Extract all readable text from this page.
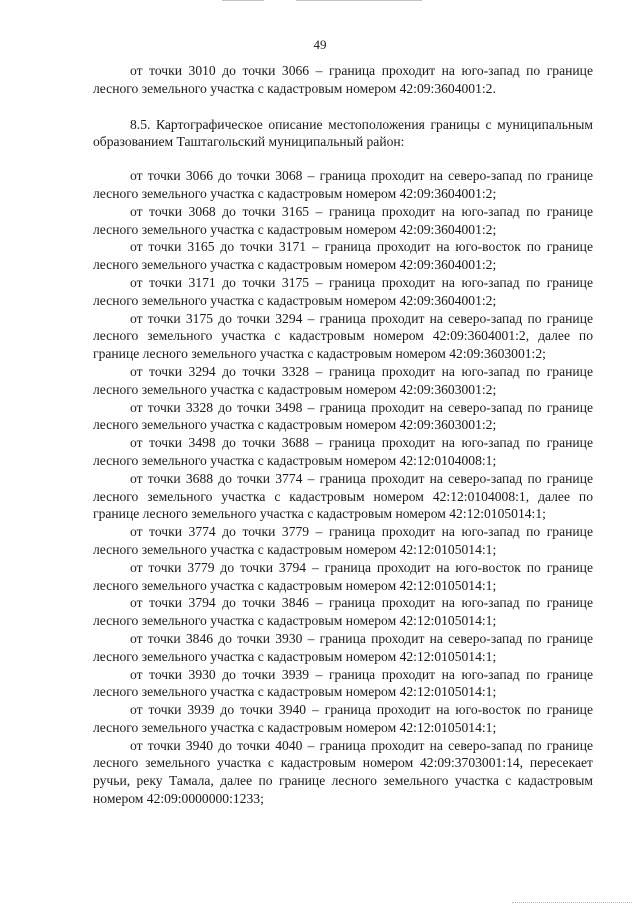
49

от точки 3010 до точки 3066 – граница проходит на юго-запад по границе лесного земельного участка с кадастровым номером 42:09:3604001:2.

8.5. Картографическое описание местоположения границы с муниципальным образованием Таштагольский муниципальный район:

от точки 3066 до точки 3068 – граница проходит на северо-запад по границе лесного земельного участка с кадастровым номером 42:09:3604001:2;

от точки 3068 до точки 3165 – граница проходит на юго-запад по границе лесного земельного участка с кадастровым номером 42:09:3604001:2;

от точки 3165 до точки 3171 – граница проходит на юго-восток по границе лесного земельного участка с кадастровым номером 42:09:3604001:2;

от точки 3171 до точки 3175 – граница проходит на юго-запад по границе лесного земельного участка с кадастровым номером 42:09:3604001:2;

от точки 3175 до точки 3294 – граница проходит на северо-запад по границе лесного земельного участка с кадастровым номером 42:09:3604001:2, далее по границе лесного земельного участка с кадастровым номером 42:09:3603001:2;

от точки 3294 до точки 3328 – граница проходит на юго-запад по границе лесного земельного участка с кадастровым номером 42:09:3603001:2;

от точки 3328 до точки 3498 – граница проходит на северо-запад по границе лесного земельного участка с кадастровым номером 42:09:3603001:2;

от точки 3498 до точки 3688 – граница проходит на юго-запад по границе лесного земельного участка с кадастровым номером 42:12:0104008:1;

от точки 3688 до точки 3774 – граница проходит на северо-запад по границе лесного земельного участка с кадастровым номером 42:12:0104008:1, далее по границе лесного земельного участка с кадастровым номером 42:12:0105014:1;

от точки 3774 до точки 3779 – граница проходит на юго-запад по границе лесного земельного участка с кадастровым номером 42:12:0105014:1;

от точки 3779 до точки 3794 – граница проходит на юго-восток по границе лесного земельного участка с кадастровым номером 42:12:0105014:1;

от точки 3794 до точки 3846 – граница проходит на юго-запад по границе лесного земельного участка с кадастровым номером 42:12:0105014:1;

от точки 3846 до точки 3930 – граница проходит на северо-запад по границе лесного земельного участка с кадастровым номером 42:12:0105014:1;

от точки 3930 до точки 3939 – граница проходит на юго-запад по границе лесного земельного участка с кадастровым номером 42:12:0105014:1;

от точки 3939 до точки 3940 – граница проходит на юго-восток по границе лесного земельного участка с кадастровым номером 42:12:0105014:1;

от точки 3940 до точки 4040 – граница проходит на северо-запад по границе лесного земельного участка с кадастровым номером 42:09:3703001:14, пересекает ручьи, реку Тамала, далее по границе лесного земельного участка с кадастровым номером 42:09:0000000:1233;
